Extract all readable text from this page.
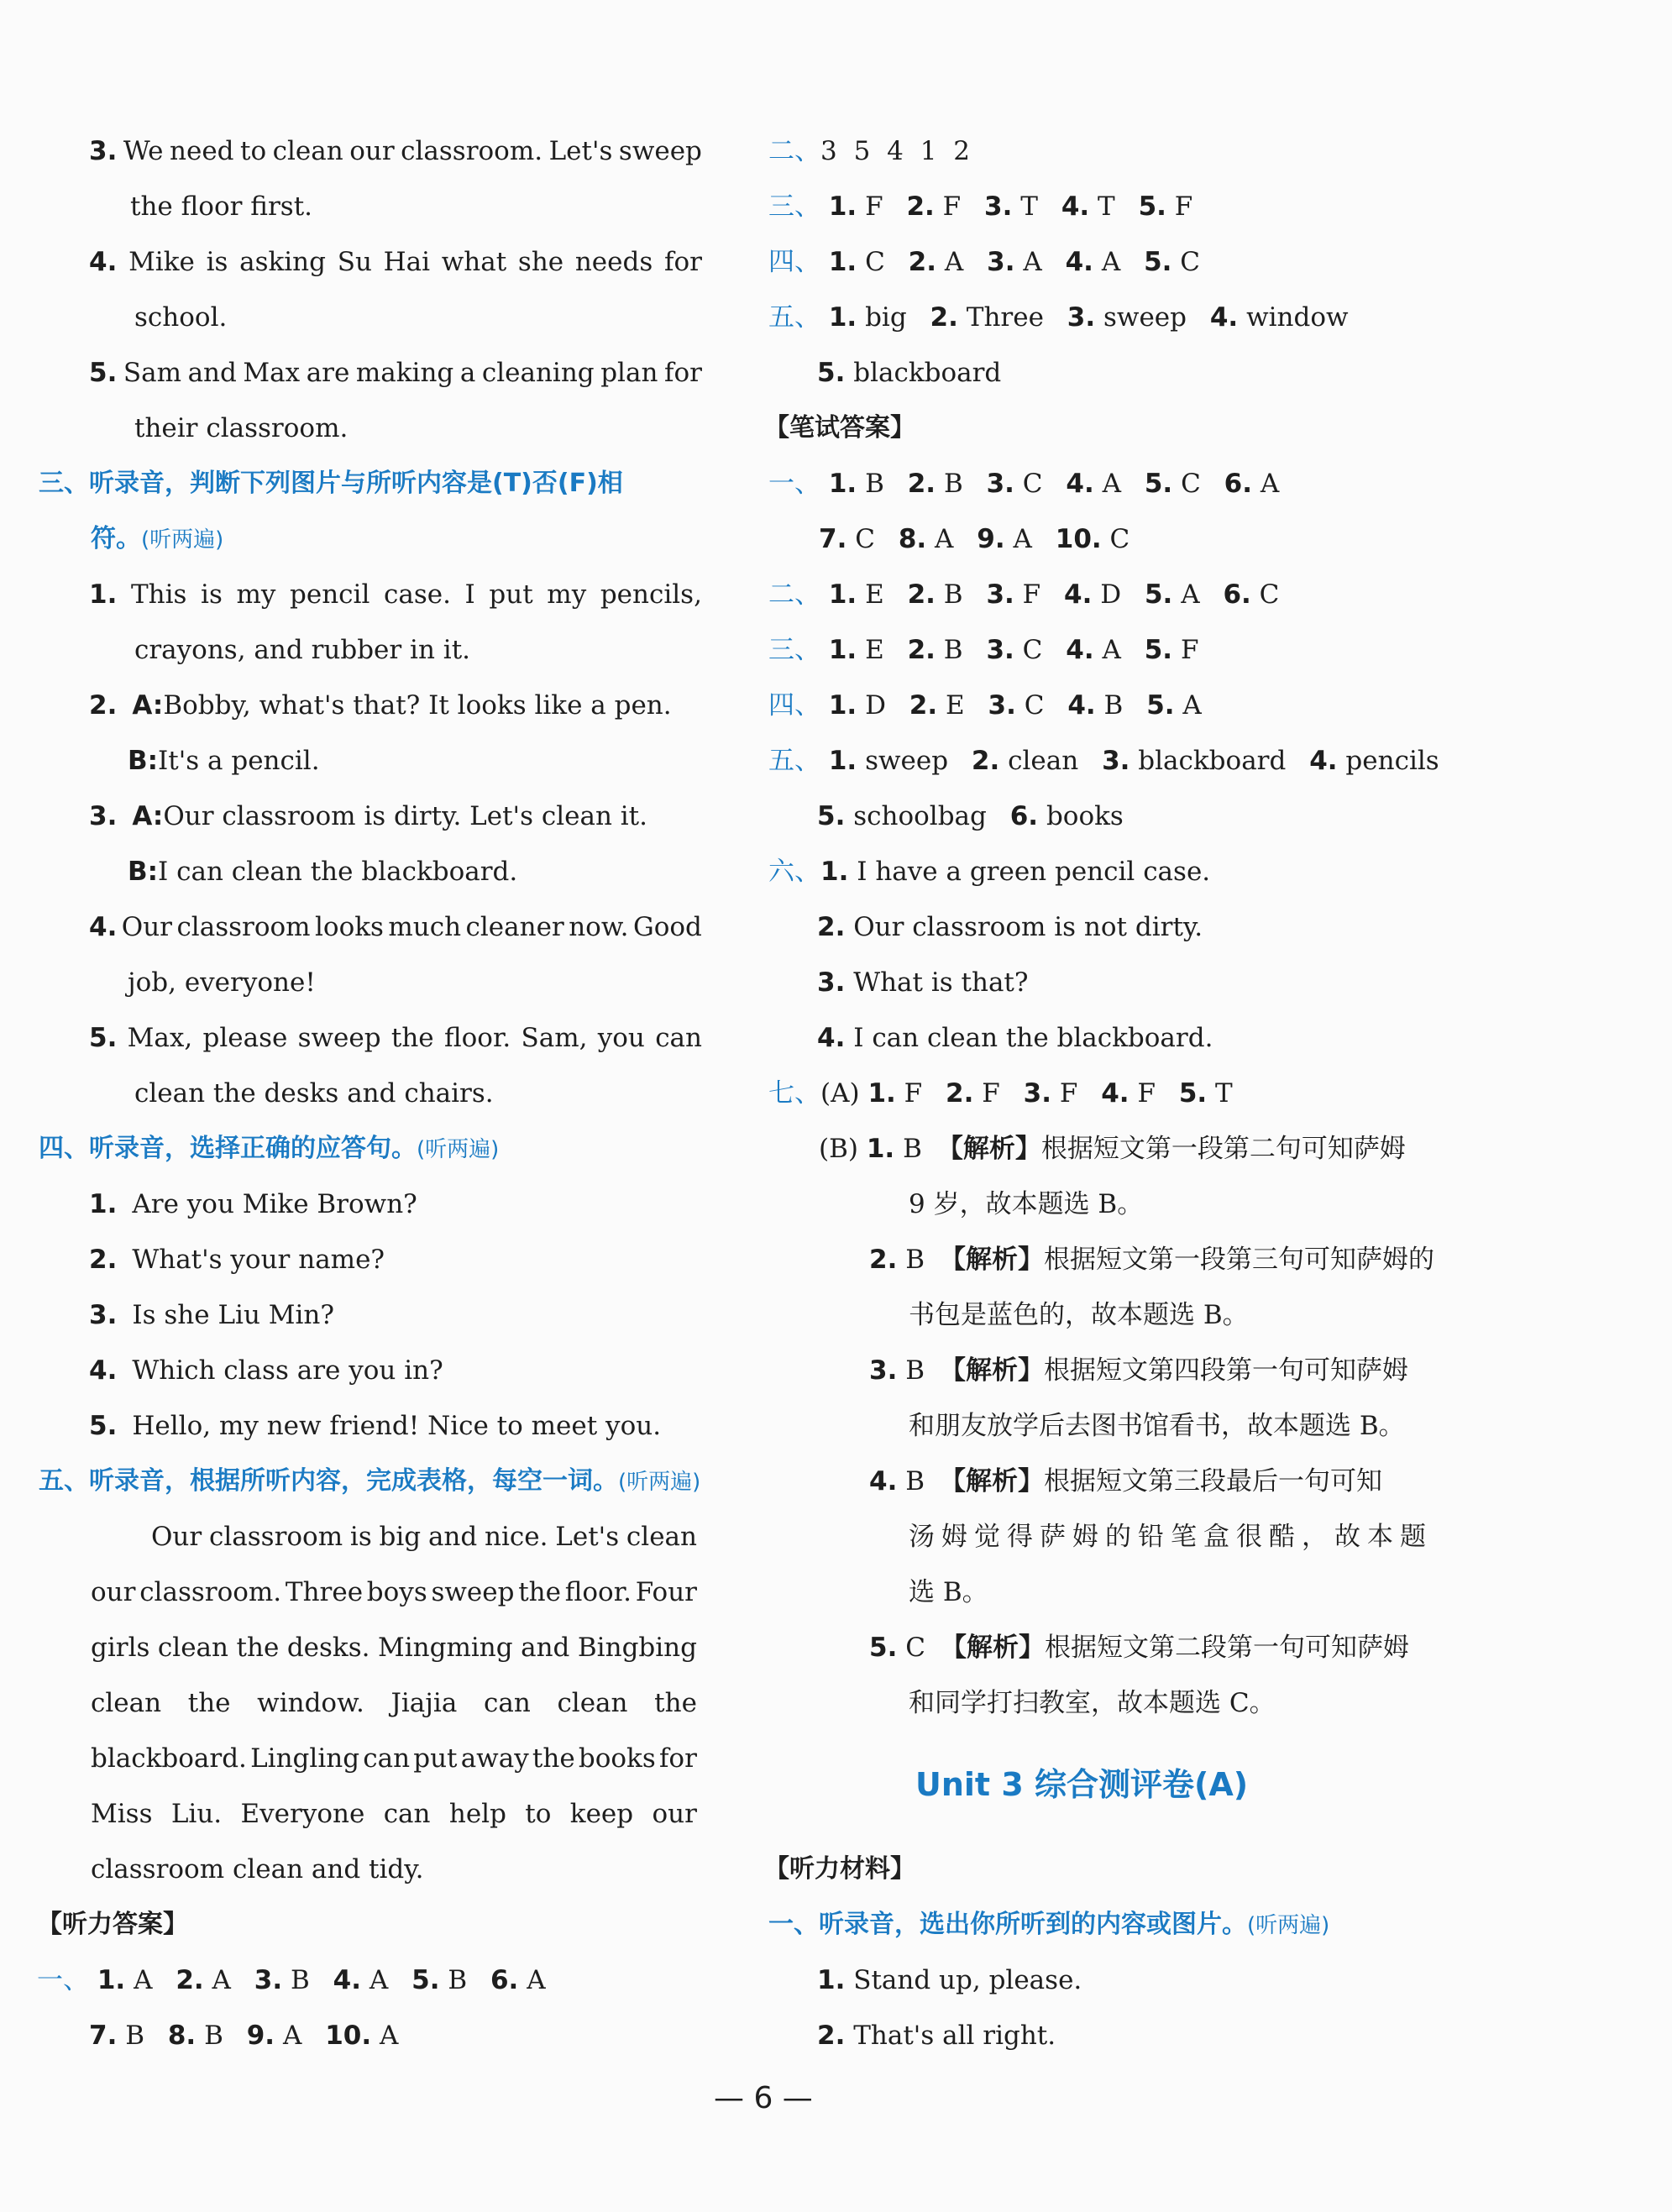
3. We need to clean our classroom. Let's sweep
the floor first.
4. Mike is asking Su Hai what she needs for
school.
5. Sam and Max are making a cleaning plan for
their classroom.
三、听录音，判断下列图片与所听内容是(T)否(F)相
符。(听两遍)
1. This is my pencil case. I put my pencils,
crayons, and rubber in it.
2. A:Bobby, what's that? It looks like a pen.
B:It's a pencil.
3. A:Our classroom is dirty. Let's clean it.
B:I can clean the blackboard.
4. Our classroom looks much cleaner now. Good
job, everyone!
5. Max, please sweep the floor. Sam, you can
clean the desks and chairs.
四、听录音，选择正确的应答句。(听两遍)
1. Are you Mike Brown?
2. What's your name?
3. Is she Liu Min?
4. Which class are you in?
5. Hello, my new friend! Nice to meet you.
五、听录音，根据所听内容，完成表格，每空一词。(听两遍)
Our classroom is big and nice. Let's clean
our classroom. Three boys sweep the floor. Four
girls clean the desks. Mingming and Bingbing
clean the window. Jiajia can clean the
blackboard. Lingling can put away the books for
Miss Liu. Everyone can help to keep our
classroom clean and tidy.
【听力答案】
一、 1. A 2. A 3. B 4. A 5. B 6. A
7. B 8. B 9. A 10. A
二、3 5 4 1 2
三、 1. F 2. F 3. T 4. T 5. F
四、 1. C 2. A 3. A 4. A 5. C
五、 1. big 2. Three 3. sweep 4. window
5. blackboard
【笔试答案】
一、 1. B 2. B 3. C 4. A 5. C 6. A
7. C 8. A 9. A 10. C
二、 1. E 2. B 3. F 4. D 5. A 6. C
三、 1. E 2. B 3. C 4. A 5. F
四、 1. D 2. E 3. C 4. B 5. A
五、 1. sweep 2. clean 3. blackboard 4. pencils
5. schoolbag 6. books
六、1. I have a green pencil case.
2. Our classroom is not dirty.
3. What is that?
4. I can clean the blackboard.
七、(A) 1. F 2. F 3. F 4. F 5. T
(B) 1. B 【解析】根据短文第一段第二句可知萨姆
9 岁，故本题选 B。
2. B 【解析】根据短文第一段第三句可知萨姆的
书包是蓝色的，故本题选 B。
3. B 【解析】根据短文第四段第一句可知萨姆
和朋友放学后去图书馆看书，故本题选 B。
4. B 【解析】根据短文第三段最后一句可知
汤姆觉得萨姆的铅笔盒很酷，故本题
选 B。
5. C 【解析】根据短文第二段第一句可知萨姆
和同学打扫教室，故本题选 C。
Unit 3 综合测评卷(A)
【听力材料】
一、听录音，选出你所听到的内容或图片。(听两遍)
1. Stand up, please.
2. That's all right.
— 6 —
